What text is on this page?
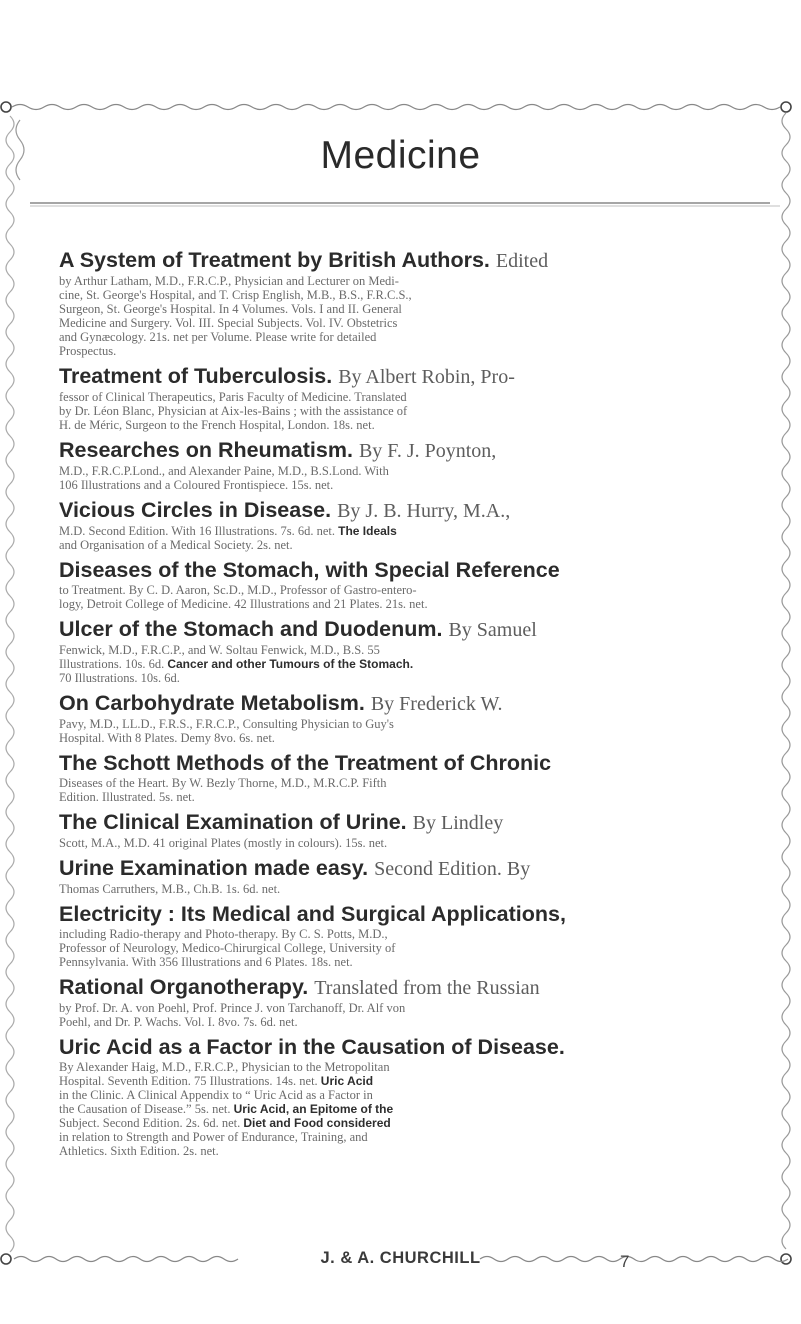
Medicine
A System of Treatment by British Authors. Edited
by Arthur Latham, M.D., F.R.C.P., Physician and Lecturer on Medi-
cine, St. George's Hospital, and T. Crisp English, M.B., B.S., F.R.C.S.,
Surgeon, St. George's Hospital. In 4 Volumes. Vols. I and II. General
Medicine and Surgery. Vol. III. Special Subjects. Vol. IV. Obstetrics
and Gynæcology. 21s. net per Volume. Please write for detailed
Prospectus.
Treatment of Tuberculosis. By Albert Robin, Pro-
fessor of Clinical Therapeutics, Paris Faculty of Medicine. Translated
by Dr. Léon Blanc, Physician at Aix-les-Bains ; with the assistance of
H. de Méric, Surgeon to the French Hospital, London. 18s. net.
Researches on Rheumatism. By F. J. Poynton,
M.D., F.R.C.P.Lond., and Alexander Paine, M.D., B.S.Lond. With
106 Illustrations and a Coloured Frontispiece. 15s. net.
Vicious Circles in Disease. By J. B. Hurry, M.A.,
M.D. Second Edition. With 16 Illustrations. 7s. 6d. net. The Ideals
and Organisation of a Medical Society. 2s. net.
Diseases of the Stomach, with Special Reference
to Treatment. By C. D. Aaron, Sc.D., M.D., Professor of Gastro-entero-
logy, Detroit College of Medicine. 42 Illustrations and 21 Plates. 21s. net.
Ulcer of the Stomach and Duodenum. By Samuel
Fenwick, M.D., F.R.C.P., and W. Soltau Fenwick, M.D., B.S. 55
Illustrations. 10s. 6d. Cancer and other Tumours of the Stomach.
70 Illustrations. 10s. 6d.
On Carbohydrate Metabolism. By Frederick W.
Pavy, M.D., LL.D., F.R.S., F.R.C.P., Consulting Physician to Guy's
Hospital. With 8 Plates. Demy 8vo. 6s. net.
The Schott Methods of the Treatment of Chronic
Diseases of the Heart. By W. Bezly Thorne, M.D., M.R.C.P. Fifth
Edition. Illustrated. 5s. net.
The Clinical Examination of Urine. By Lindley
Scott, M.A., M.D. 41 original Plates (mostly in colours). 15s. net.
Urine Examination made easy. Second Edition. By
Thomas Carruthers, M.B., Ch.B. 1s. 6d. net.
Electricity : Its Medical and Surgical Applications,
including Radio-therapy and Photo-therapy. By C. S. Potts, M.D.,
Professor of Neurology, Medico-Chirurgical College, University of
Pennsylvania. With 356 Illustrations and 6 Plates. 18s. net.
Rational Organotherapy. Translated from the Russian
by Prof. Dr. A. von Poehl, Prof. Prince J. von Tarchanoff, Dr. Alf von
Poehl, and Dr. P. Wachs. Vol. I. 8vo. 7s. 6d. net.
Uric Acid as a Factor in the Causation of Disease.
By Alexander Haig, M.D., F.R.C.P., Physician to the Metropolitan
Hospital. Seventh Edition. 75 Illustrations. 14s. net. Uric Acid
in the Clinic. A Clinical Appendix to “ Uric Acid as a Factor in
the Causation of Disease.” 5s. net. Uric Acid, an Epitome of the
Subject. Second Edition. 2s. 6d. net. Diet and Food considered
in relation to Strength and Power of Endurance, Training, and
Athletics. Sixth Edition. 2s. net.
J. & A. CHURCHILL	7
